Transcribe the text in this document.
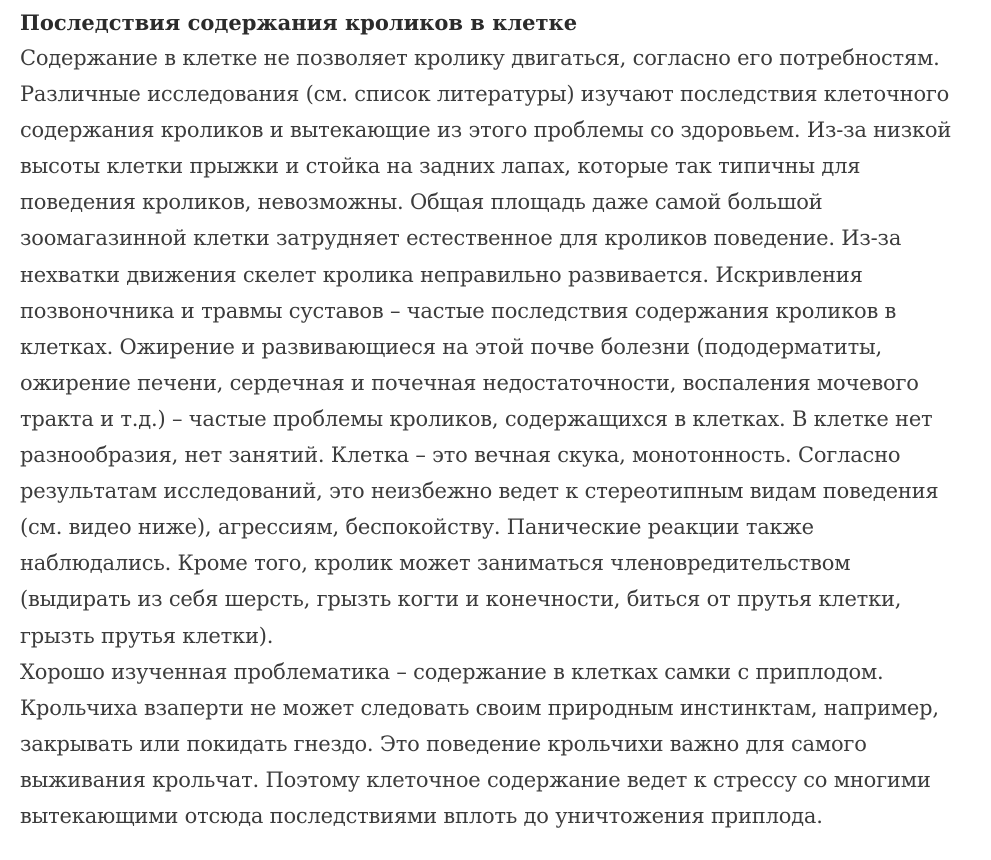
Последствия содержания кроликов в клетке
Содержание в клетке не позволяет кролику двигаться, согласно его потребностям.
Различные исследования (см. список литературы) изучают последствия клеточного
содержания кроликов и вытекающие из этого проблемы со здоровьем. Из-за низкой
высоты клетки прыжки и стойка на задних лапах, которые так типичны для
поведения кроликов, невозможны. Общая площадь даже самой большой
зоомагазинной клетки затрудняет естественное для кроликов поведение. Из-за
нехватки движения скелет кролика неправильно развивается. Искривления
позвоночника и травмы суставов – частые последствия содержания кроликов в
клетках. Ожирение и развивающиеся на этой почве болезни (пододерматиты,
ожирение печени, сердечная и почечная недостаточности, воспаления мочевого
тракта и т.д.) – частые проблемы кроликов, содержащихся в клетках. В клетке нет
разнообразия, нет занятий. Клетка – это вечная скука, монотонность. Согласно
результатам исследований, это неизбежно ведет к стереотипным видам поведения
(см. видео ниже), агрессиям, беспокойству. Панические реакции также
наблюдались. Кроме того, кролик может заниматься членовредительством
(выдирать из себя шерсть, грызть когти и конечности, биться от прутья клетки,
грызть прутья клетки).
Хорошо изученная проблематика – содержание в клетках самки с приплодом.
Крольчиха взаперти не может следовать своим природным инстинктам, например,
закрывать или покидать гнездо. Это поведение крольчихи важно для самого
выживания крольчат. Поэтому клеточное содержание ведет к стрессу со многими
вытекающими отсюда последствиями вплоть до уничтожения приплода.
